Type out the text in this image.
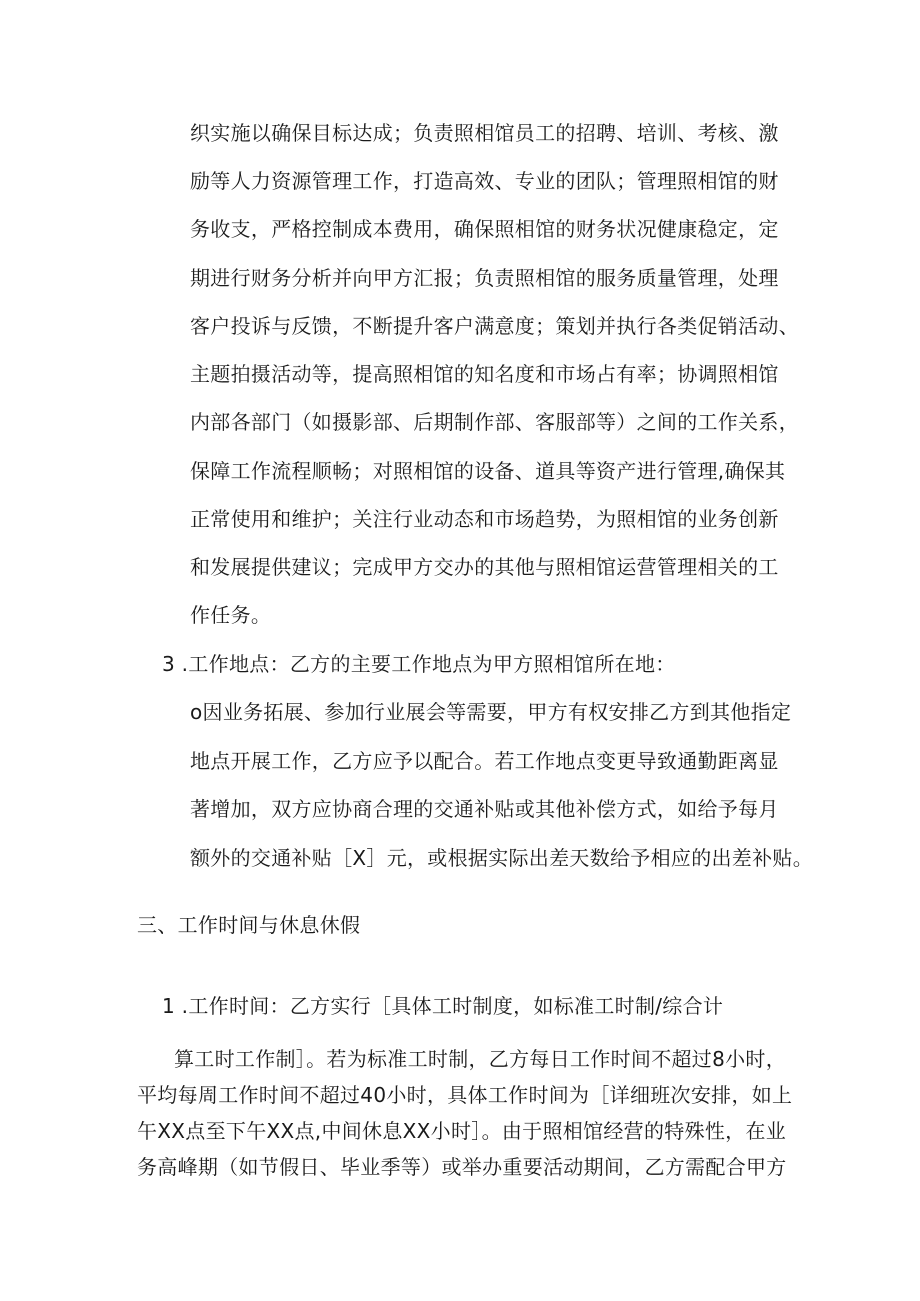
织实施以确保目标达成；负责照相馆员工的招聘、培训、考核、激
励等人力资源管理工作，打造高效、专业的团队；管理照相馆的财
务收支，严格控制成本费用，确保照相馆的财务状况健康稳定，定
期进行财务分析并向甲方汇报；负责照相馆的服务质量管理，处理
客户投诉与反馈，不断提升客户满意度；策划并执行各类促销活动、
主题拍摄活动等，提高照相馆的知名度和市场占有率；协调照相馆
内部各部门（如摄影部、后期制作部、客服部等）之间的工作关系，
保障工作流程顺畅；对照相馆的设备、道具等资产进行管理,确保其
正常使用和维护；关注行业动态和市场趋势，为照相馆的业务创新
和发展提供建议；完成甲方交办的其他与照相馆运营管理相关的工
作任务。
3 .工作地点：乙方的主要工作地点为甲方照相馆所在地：
o因业务拓展、参加行业展会等需要，甲方有权安排乙方到其他指定
地点开展工作，乙方应予以配合。若工作地点变更导致通勤距离显
著增加，双方应协商合理的交通补贴或其他补偿方式，如给予每月
额外的交通补贴［X］元，或根据实际出差天数给予相应的出差补贴。
三、工作时间与休息休假
1 .工作时间：乙方实行［具体工时制度，如标准工时制/综合计
算工时工作制］。若为标准工时制，乙方每日工作时间不超过8小时，
平均每周工作时间不超过40小时，具体工作时间为［详细班次安排，如上
午XX点至下午XX点,中间休息XX小时］。由于照相馆经营的特殊性，在业
务高峰期（如节假日、毕业季等）或举办重要活动期间，乙方需配合甲方
